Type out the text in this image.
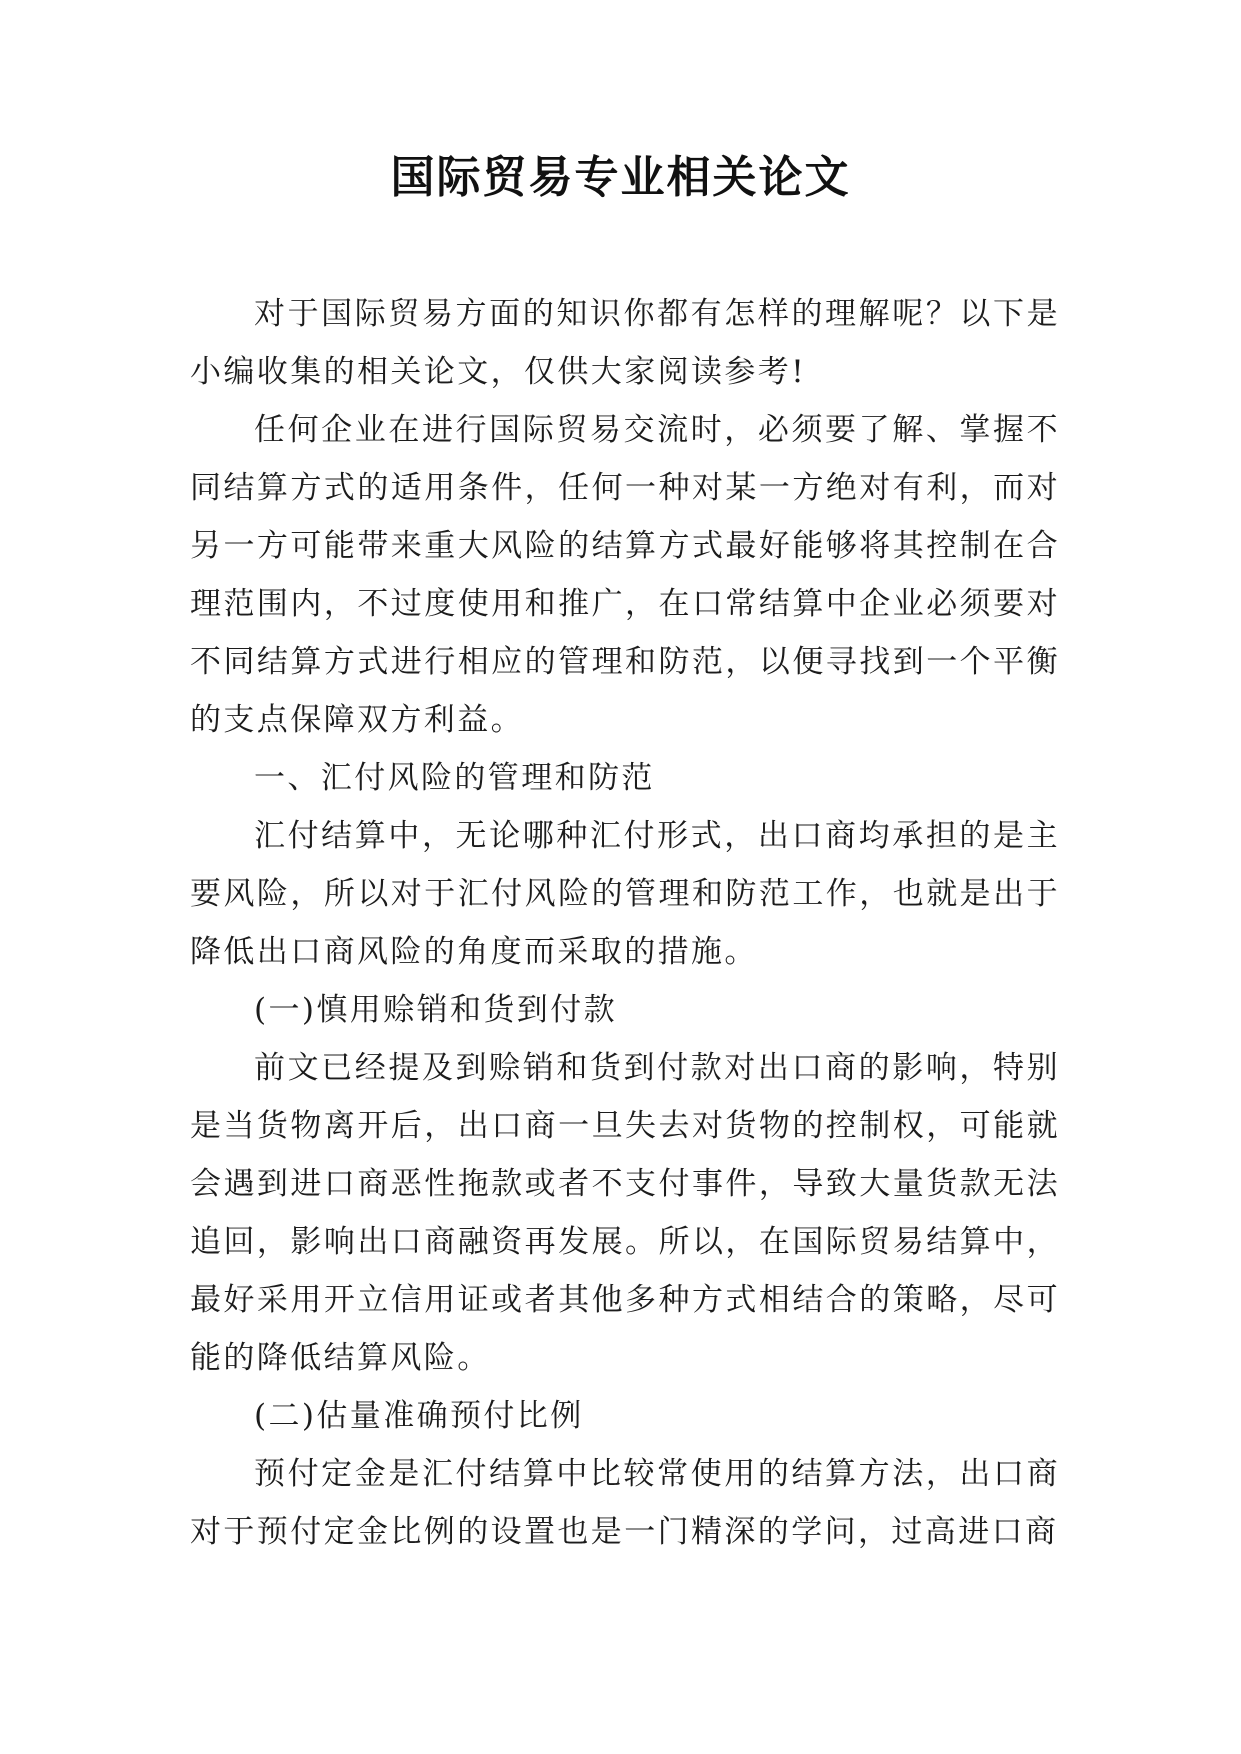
国际贸易专业相关论文

对于国际贸易方面的知识你都有怎样的理解呢？以下是小编收集的相关论文，仅供大家阅读参考!

任何企业在进行国际贸易交流时，必须要了解、掌握不同结算方式的适用条件，任何一种对某一方绝对有利，而对另一方可能带来重大风险的结算方式最好能够将其控制在合理范围内，不过度使用和推广，在口常结算中企业必须要对不同结算方式进行相应的管理和防范，以便寻找到一个平衡的支点保障双方利益。

一、汇付风险的管理和防范

汇付结算中，无论哪种汇付形式，出口商均承担的是主要风险，所以对于汇付风险的管理和防范工作，也就是出于降低出口商风险的角度而采取的措施。

(一)慎用赊销和货到付款

前文已经提及到赊销和货到付款对出口商的影响，特别是当货物离开后，出口商一旦失去对货物的控制权，可能就会遇到进口商恶性拖款或者不支付事件，导致大量货款无法追回，影响出口商融资再发展。所以，在国际贸易结算中，最好采用开立信用证或者其他多种方式相结合的策略，尽可能的降低结算风险。

(二)估量准确预付比例

预付定金是汇付结算中比较常使用的结算方法，出口商对于预付定金比例的设置也是一门精深的学问，过高进口商
